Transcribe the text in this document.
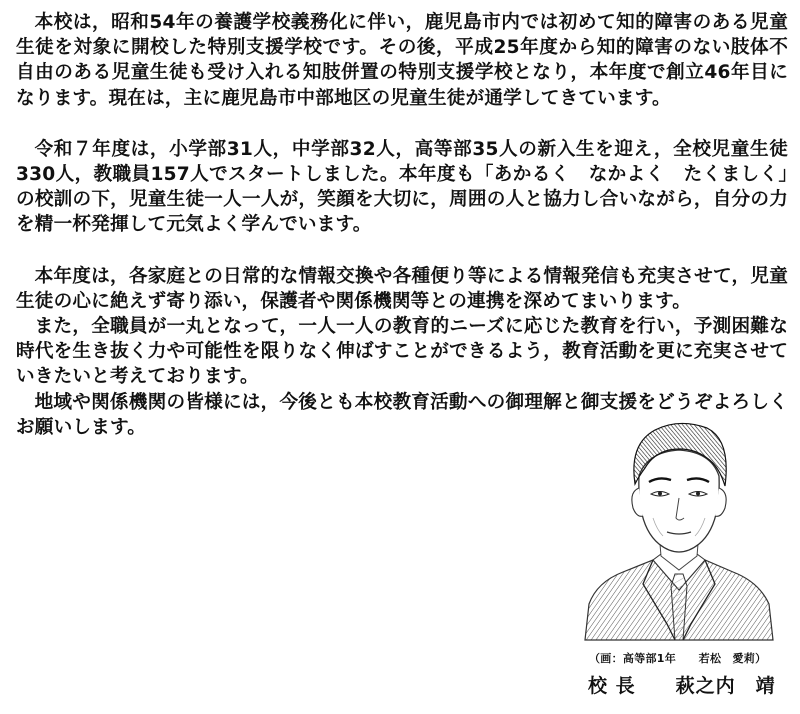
本校は，昭和54年の養護学校義務化に伴い，鹿児島市内では初めて知的障害のある児童生徒を対象に開校した特別支援学校です。その後，平成25年度から知的障害のない肢体不自由のある児童生徒も受け入れる知肢併置の特別支援学校となり，本年度で創立46年目になります。現在は，主に鹿児島市中部地区の児童生徒が通学してきています。

令和７年度は，小学部31人，中学部32人，高等部35人の新入生を迎え，全校児童生徒330人，教職員157人でスタートしました。本年度も「あかるく　なかよく　たくましく」の校訓の下，児童生徒一人一人が，笑顔を大切に，周囲の人と協力し合いながら，自分の力を精一杯発揮して元気よく学んでいます。

本年度は，各家庭との日常的な情報交換や各種便り等による情報発信も充実させて，児童生徒の心に絶えず寄り添い，保護者や関係機関等との連携を深めてまいります。

また，全職員が一丸となって，一人一人の教育的ニーズに応じた教育を行い，予測困難な時代を生き抜く力や可能性を限りなく伸ばすことができるよう，教育活動を更に充実させていきたいと考えております。

地域や関係機関の皆様には，今後とも本校教育活動への御理解と御支援をどうぞよろしくお願いします。

（画：高等部1年　　若松　愛莉）
校 長　　萩之内　靖
